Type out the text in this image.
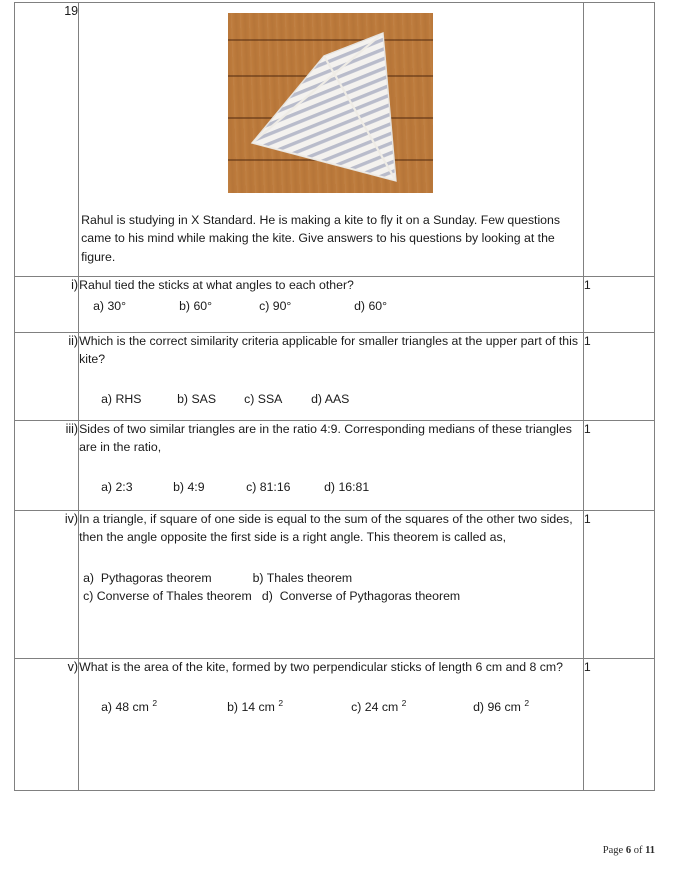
19	Rahul is studying in X Standard. He is making a kite to fly it on a Sunday. Few questions came to his mind while making the kite. Give answers to his questions by looking at the figure.	

i)	Rahul tied the sticks at what angles to each other?

a) 30° b) 60° c) 90° d) 60°	1
ii)	Which is the correct similarity criteria applicable for smaller triangles at the upper part of this kite?

a) RHS b) SAS c) SSA d) AAS	1
iii)	Sides of two similar triangles are in the ratio 4:9. Corresponding medians of these triangles are in the ratio,

a) 2:3 b) 4:9 c) 81:16 d) 16:81	1
iv)	In a triangle, if square of one side is equal to the sum of the squares of the other two sides, then the angle opposite the first side is a right angle. This theorem is called as,

a)  Pythagoras theorem            b) Thales theorem
c) Converse of Thales theorem   d)  Converse of Pythagoras theorem	1
v)	What is the area of the kite, formed by two perpendicular sticks of length 6 cm and 8 cm?

a) 48 cm $^2$ b) 14 cm $^2$ c) 24 cm $^2$ d) 96 cm $^2$	1
Page 6 of 11
